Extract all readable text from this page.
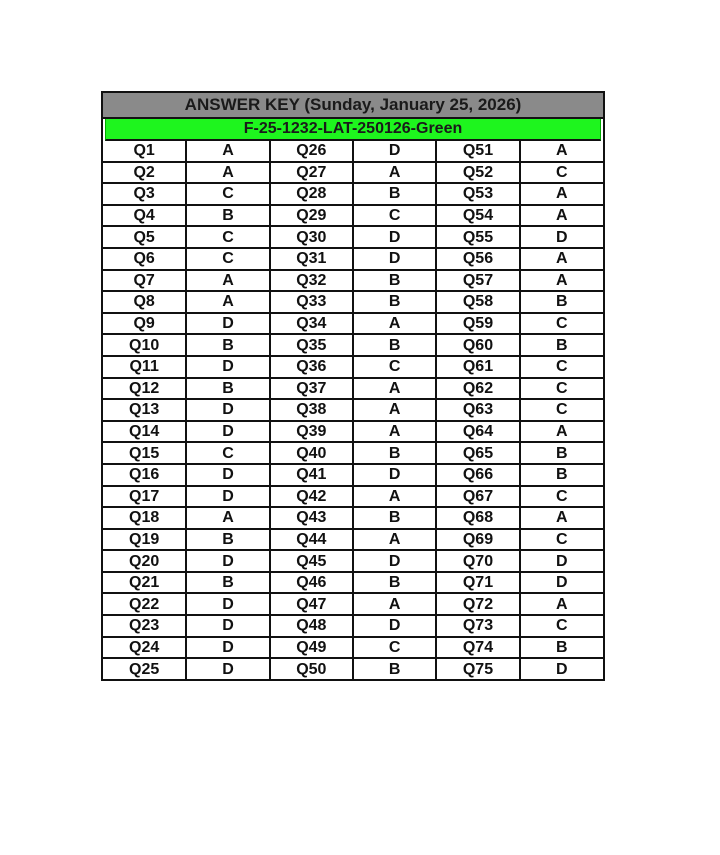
ANSWER KEY (Sunday, January 25, 2026)
F-25-1232-LAT-250126-Green
Q1	A	Q26	D	Q51	A
Q2	A	Q27	A	Q52	C
Q3	C	Q28	B	Q53	A
Q4	B	Q29	C	Q54	A
Q5	C	Q30	D	Q55	D
Q6	C	Q31	D	Q56	A
Q7	A	Q32	B	Q57	A
Q8	A	Q33	B	Q58	B
Q9	D	Q34	A	Q59	C
Q10	B	Q35	B	Q60	B
Q11	D	Q36	C	Q61	C
Q12	B	Q37	A	Q62	C
Q13	D	Q38	A	Q63	C
Q14	D	Q39	A	Q64	A
Q15	C	Q40	B	Q65	B
Q16	D	Q41	D	Q66	B
Q17	D	Q42	A	Q67	C
Q18	A	Q43	B	Q68	A
Q19	B	Q44	A	Q69	C
Q20	D	Q45	D	Q70	D
Q21	B	Q46	B	Q71	D
Q22	D	Q47	A	Q72	A
Q23	D	Q48	D	Q73	C
Q24	D	Q49	C	Q74	B
Q25	D	Q50	B	Q75	D
